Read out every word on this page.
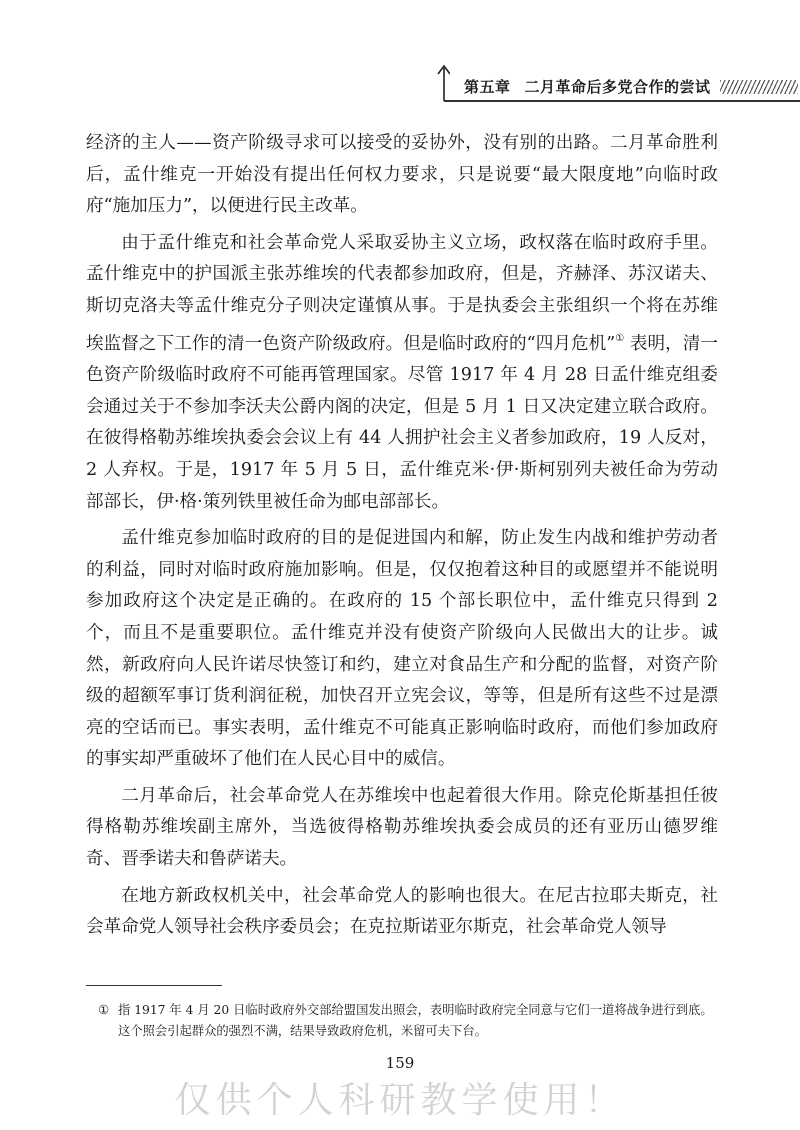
第五章 二月革命后多党合作的尝试

经济的主人——资产阶级寻求可以接受的妥协外，没有别的出路。二月革命胜利后，孟什维克一开始没有提出任何权力要求，只是说要“最大限度地”向临时政府“施加压力”，以便进行民主改革。

由于孟什维克和社会革命党人采取妥协主义立场，政权落在临时政府手里。孟什维克中的护国派主张苏维埃的代表都参加政府，但是，齐赫泽、苏汉诺夫、斯切克洛夫等孟什维克分子则决定谨慎从事。于是执委会主张组织一个将在苏维埃监督之下工作的清一色资产阶级政府。但是临时政府的“四月危机”① 表明，清一色资产阶级临时政府不可能再管理国家。尽管 1917 年 4 月 28 日孟什维克组委会通过关于不参加李沃夫公爵内阁的决定，但是 5 月 1 日又决定建立联合政府。在彼得格勒苏维埃执委会会议上有 44 人拥护社会主义者参加政府，19 人反对，2 人弃权。于是，1917 年 5 月 5 日，孟什维克米·伊·斯柯别列夫被任命为劳动部部长，伊·格·策列铁里被任命为邮电部部长。

孟什维克参加临时政府的目的是促进国内和解，防止发生内战和维护劳动者的利益，同时对临时政府施加影响。但是，仅仅抱着这种目的或愿望并不能说明参加政府这个决定是正确的。在政府的 15 个部长职位中，孟什维克只得到 2 个，而且不是重要职位。孟什维克并没有使资产阶级向人民做出大的让步。诚然，新政府向人民许诺尽快签订和约，建立对食品生产和分配的监督，对资产阶级的超额军事订货利润征税，加快召开立宪会议，等等，但是所有这些不过是漂亮的空话而已。事实表明，孟什维克不可能真正影响临时政府，而他们参加政府的事实却严重破坏了他们在人民心目中的威信。

二月革命后，社会革命党人在苏维埃中也起着很大作用。除克伦斯基担任彼得格勒苏维埃副主席外，当选彼得格勒苏维埃执委会成员的还有亚历山德罗维奇、晋季诺夫和鲁萨诺夫。

在地方新政权机关中，社会革命党人的影响也很大。在尼古拉耶夫斯克，社会革命党人领导社会秩序委员会；在克拉斯诺亚尔斯克，社会革命党人领导

① 指 1917 年 4 月 20 日临时政府外交部给盟国发出照会，表明临时政府完全同意与它们一道将战争进行到底。这个照会引起群众的强烈不满，结果导致政府危机，米留可夫下台。
159
仅供个人科研教学使用！
